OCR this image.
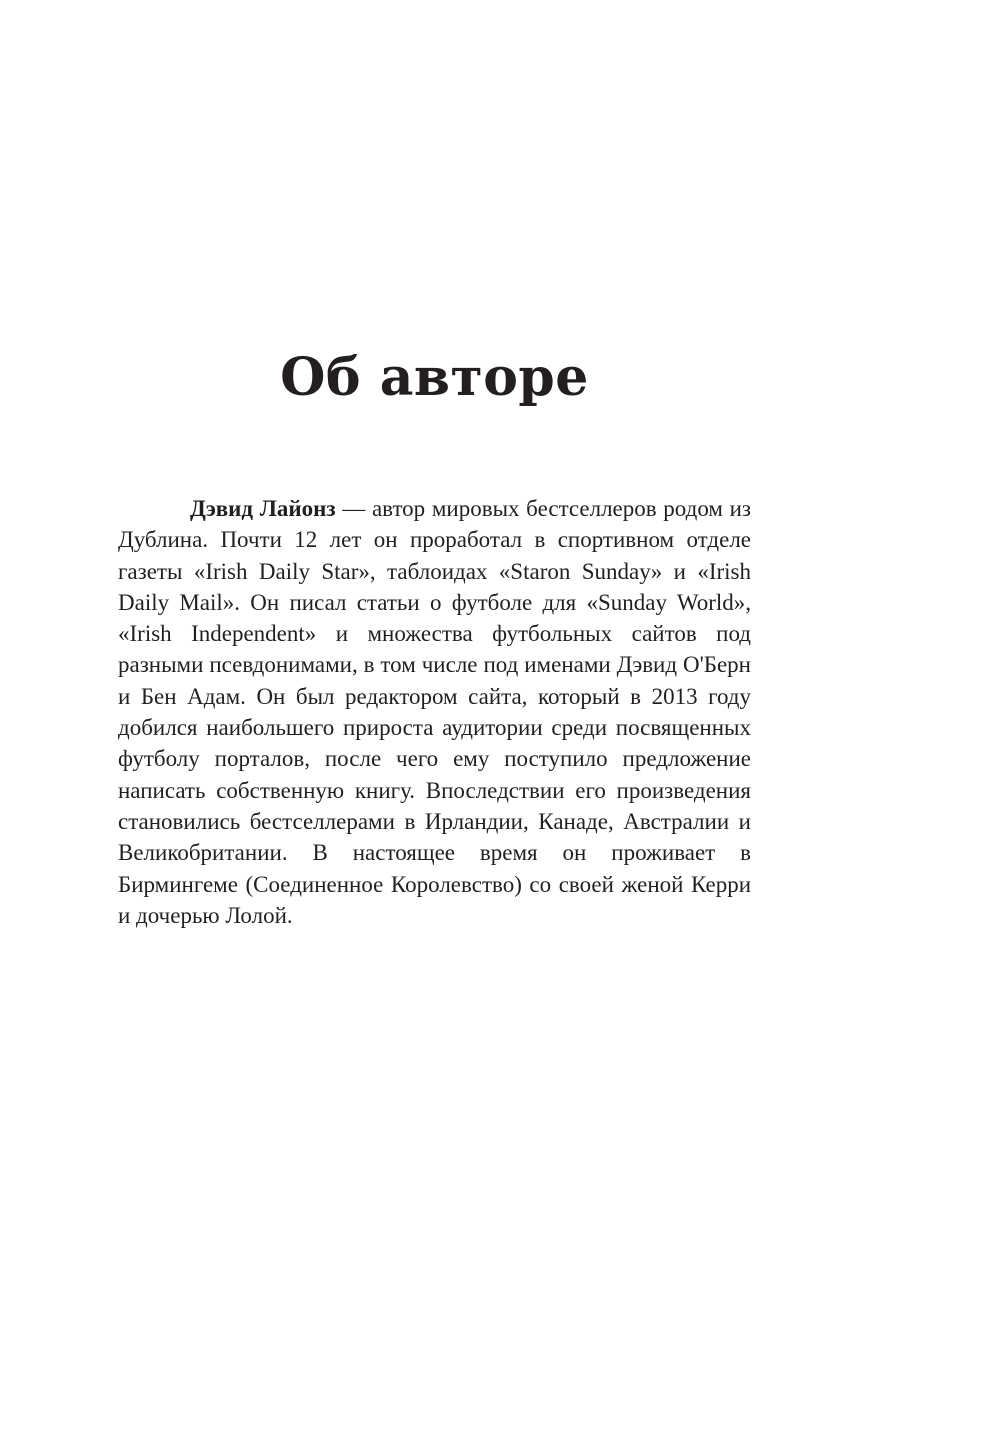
Об авторе

Дэвид Лайонз — автор мировых бестселлеров родом из Дублина. Почти 12 лет он проработал в спортивном отделе газеты «Irish Daily Star», таблоидах «Staron Sunday» и «Irish Daily Mail». Он писал статьи о футболе для «Sunday World», «Irish Independent» и множества футбольных сайтов под разными псевдонимами, в том числе под именами Дэвид О'Берн и Бен Адам. Он был редактором сайта, который в 2013 году добился наибольшего прироста аудитории среди посвященных футболу порталов, после чего ему поступило предложение написать собственную книгу. Впоследствии его произведения становились бестселлерами в Ирландии, Канаде, Австралии и Великобритании. В настоящее время он проживает в Бирмингеме (Соединенное Королевство) со своей женой Керри и дочерью Лолой.
